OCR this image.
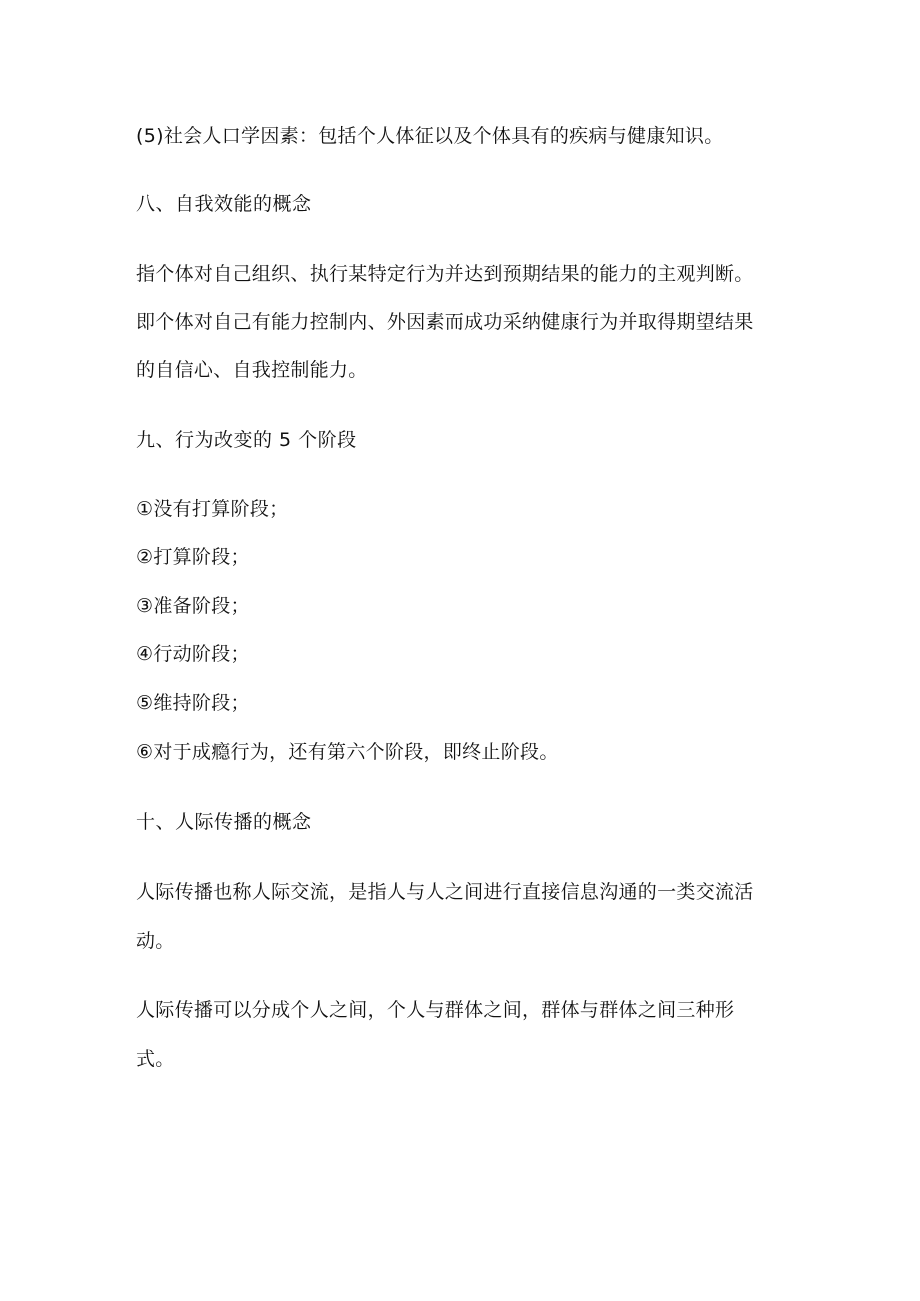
(5)社会人口学因素：包括个人体征以及个体具有的疾病与健康知识。
八、自我效能的概念
指个体对自己组织、执行某特定行为并达到预期结果的能力的主观判断。
即个体对自己有能力控制内、外因素而成功采纳健康行为并取得期望结果
的自信心、自我控制能力。
九、行为改变的 5 个阶段
①没有打算阶段；
②打算阶段；
③准备阶段；
④行动阶段；
⑤维持阶段；
⑥对于成瘾行为，还有第六个阶段，即终止阶段。
十、人际传播的概念
人际传播也称人际交流，是指人与人之间进行直接信息沟通的一类交流活
动。
人际传播可以分成个人之间，个人与群体之间，群体与群体之间三种形
式。
